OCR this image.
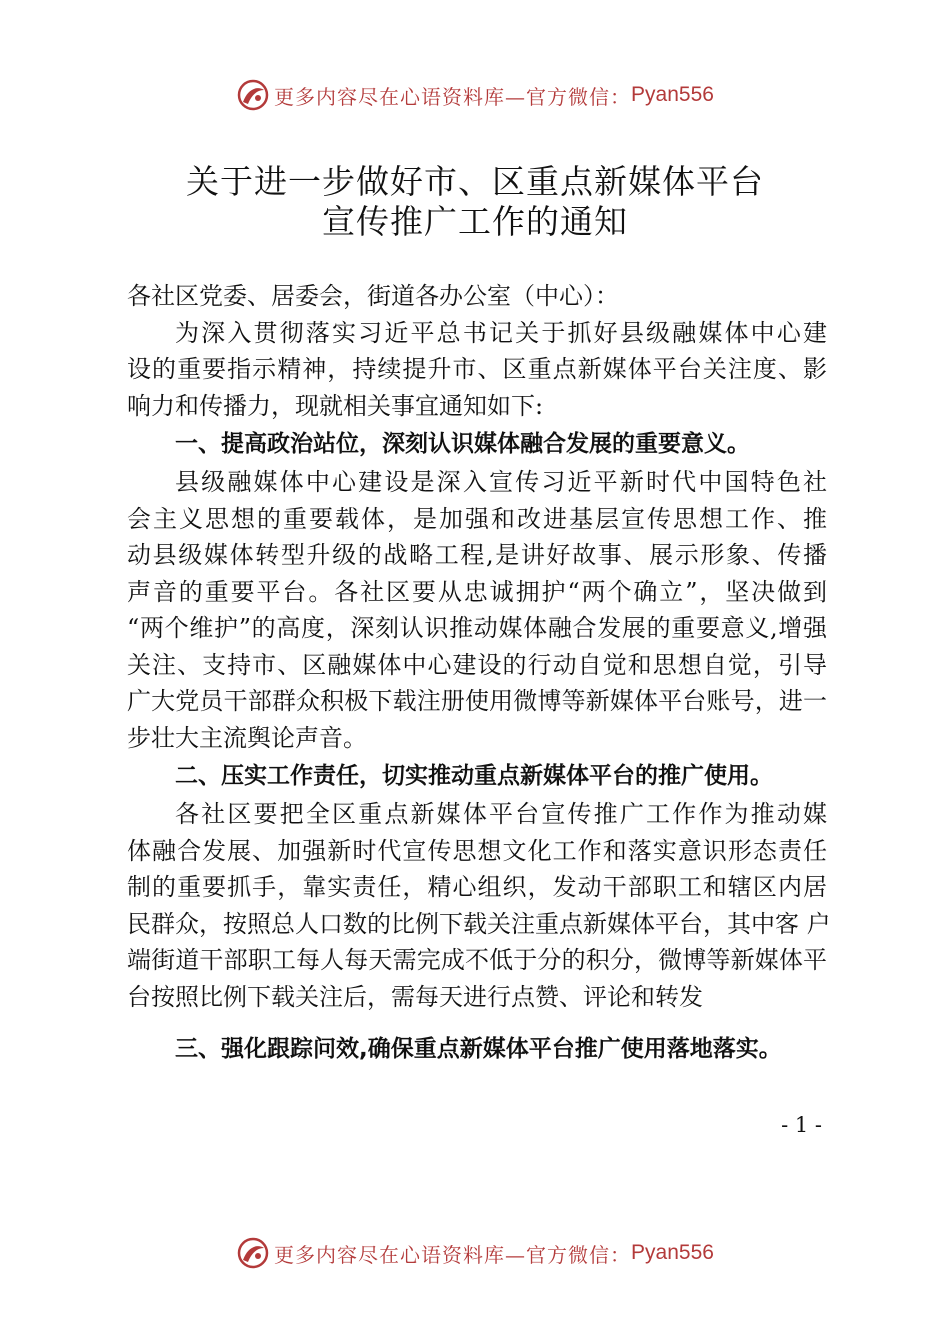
更多内容尽在心语资料库—官方微信： Pyan556
关于进一步做好市、区重点新媒体平台
宣传推广工作的通知
各社区党委、居委会，街道各办公室（中心）：
为深入贯彻落实习近平总书记关于抓好县级融媒体中心建
设的重要指示精神，持续提升市、区重点新媒体平台关注度、影
响力和传播力，现就相关事宜通知如下:
一、提高政治站位，深刻认识媒体融合发展的重要意义。
县级融媒体中心建设是深入宣传习近平新时代中国特色社
会主义思想的重要载体，是加强和改进基层宣传思想工作、推
动县级媒体转型升级的战略工程,是讲好故事、展示形象、传播
声音的重要平台。各社区要从忠诚拥护“两个确立”，坚决做到
“两个维护”的高度，深刻认识推动媒体融合发展的重要意义,增强
关注、支持市、区融媒体中心建设的行动自觉和思想自觉，引导
广大党员干部群众积极下载注册使用微博等新媒体平台账号，进一
步壮大主流舆论声音。
二、压实工作责任，切实推动重点新媒体平台的推广使用。
各社区要把全区重点新媒体平台宣传推广工作作为推动媒
体融合发展、加强新时代宣传思想文化工作和落实意识形态责任
制的重要抓手，靠实责任，精心组织，发动干部职工和辖区内居
民群众，按照总人口数的比例下载关注重点新媒体平台，其中客 户
端街道干部职工每人每天需完成不低于分的积分，微博等新媒体平
台按照比例下载关注后，需每天进行点赞、评论和转发
三、强化跟踪问效,确保重点新媒体平台推广使用落地落实。
- 1 -
更多内容尽在心语资料库—官方微信： Pyan556
